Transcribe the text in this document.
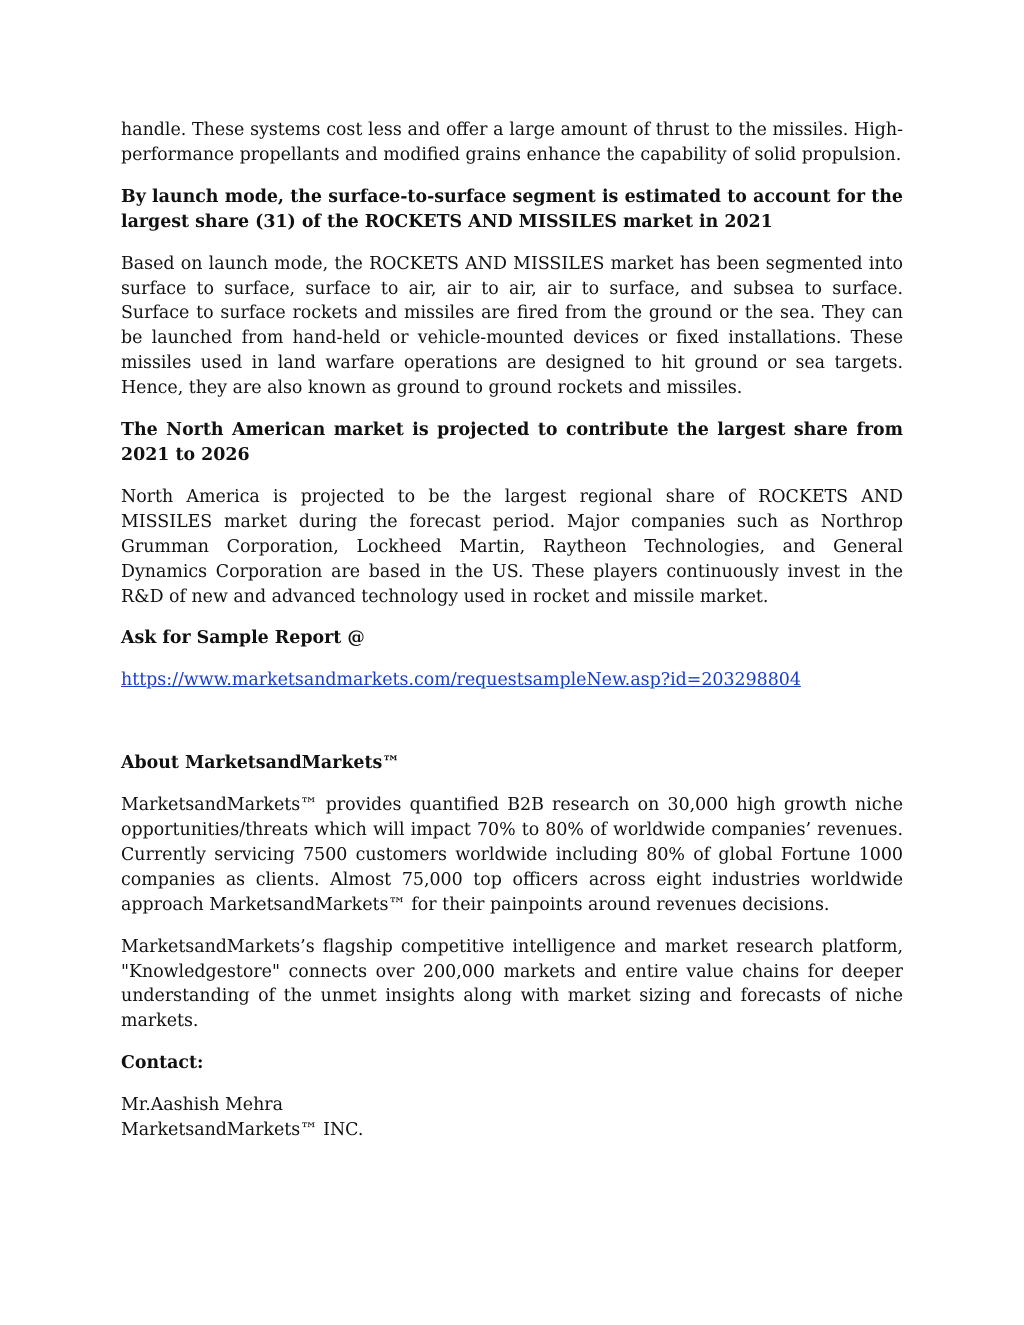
handle. These systems cost less and offer a large amount of thrust to the missiles. High-performance propellants and modified grains enhance the capability of solid propulsion.

By launch mode, the surface-to-surface segment is estimated to account for the largest share (31) of the ROCKETS AND MISSILES market in 2021

Based on launch mode, the ROCKETS AND MISSILES market has been segmented into surface to surface, surface to air, air to air, air to surface, and subsea to surface. Surface to surface rockets and missiles are fired from the ground or the sea. They can be launched from hand-held or vehicle-mounted devices or fixed installations. These missiles used in land warfare operations are designed to hit ground or sea targets. Hence, they are also known as ground to ground rockets and missiles.

The North American market is projected to contribute the largest share from 2021 to 2026

North America is projected to be the largest regional share of ROCKETS AND MISSILES market during the forecast period. Major companies such as Northrop Grumman Corporation, Lockheed Martin, Raytheon Technologies, and General Dynamics Corporation are based in the US. These players continuously invest in the R&D of new and advanced technology used in rocket and missile market.

Ask for Sample Report @

https://www.marketsandmarkets.com/requestsampleNew.asp?id=203298804

About MarketsandMarkets™

MarketsandMarkets™ provides quantified B2B research on 30,000 high growth niche opportunities/threats which will impact 70% to 80% of worldwide companies’ revenues. Currently servicing 7500 customers worldwide including 80% of global Fortune 1000 companies as clients. Almost 75,000 top officers across eight industries worldwide approach MarketsandMarkets™ for their painpoints around revenues decisions.

MarketsandMarkets’s flagship competitive intelligence and market research platform, "Knowledgestore" connects over 200,000 markets and entire value chains for deeper understanding of the unmet insights along with market sizing and forecasts of niche markets.

Contact:

Mr.Aashish Mehra

MarketsandMarkets™ INC.
